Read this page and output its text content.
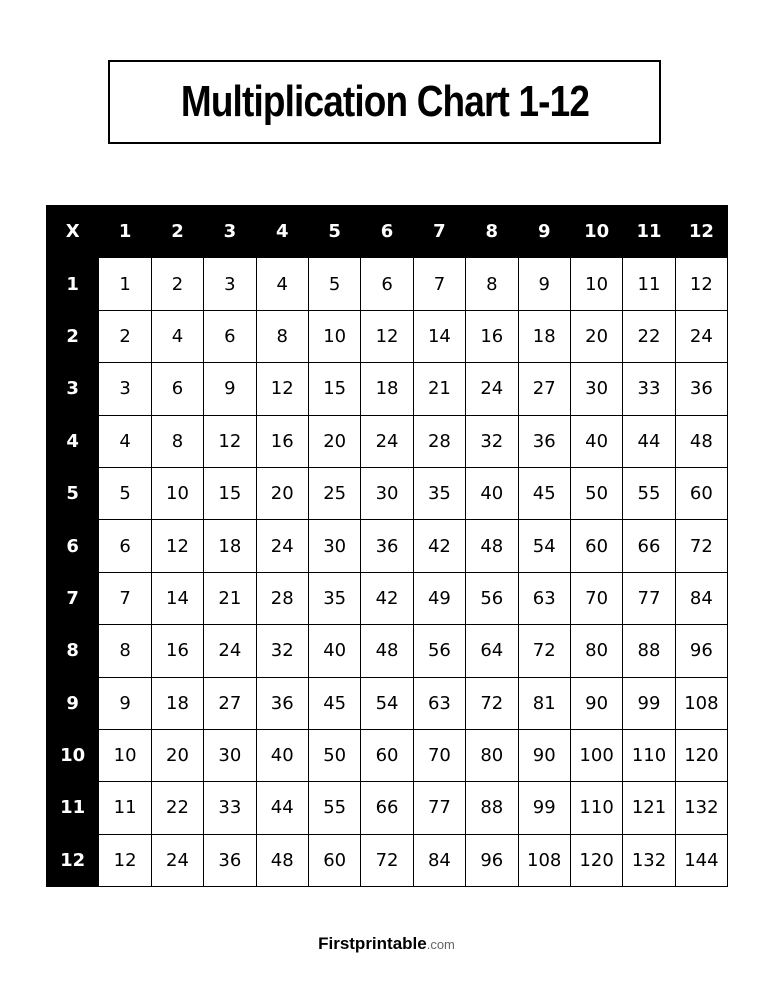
Multiplication Chart 1-12
X	1	2	3	4	5	6	7	8	9	10	11	12
1	1	2	3	4	5	6	7	8	9	10	11	12
2	2	4	6	8	10	12	14	16	18	20	22	24
3	3	6	9	12	15	18	21	24	27	30	33	36
4	4	8	12	16	20	24	28	32	36	40	44	48
5	5	10	15	20	25	30	35	40	45	50	55	60
6	6	12	18	24	30	36	42	48	54	60	66	72
7	7	14	21	28	35	42	49	56	63	70	77	84
8	8	16	24	32	40	48	56	64	72	80	88	96
9	9	18	27	36	45	54	63	72	81	90	99	108
10	10	20	30	40	50	60	70	80	90	100	110	120
11	11	22	33	44	55	66	77	88	99	110	121	132
12	12	24	36	48	60	72	84	96	108	120	132	144
Firstprintable.com
